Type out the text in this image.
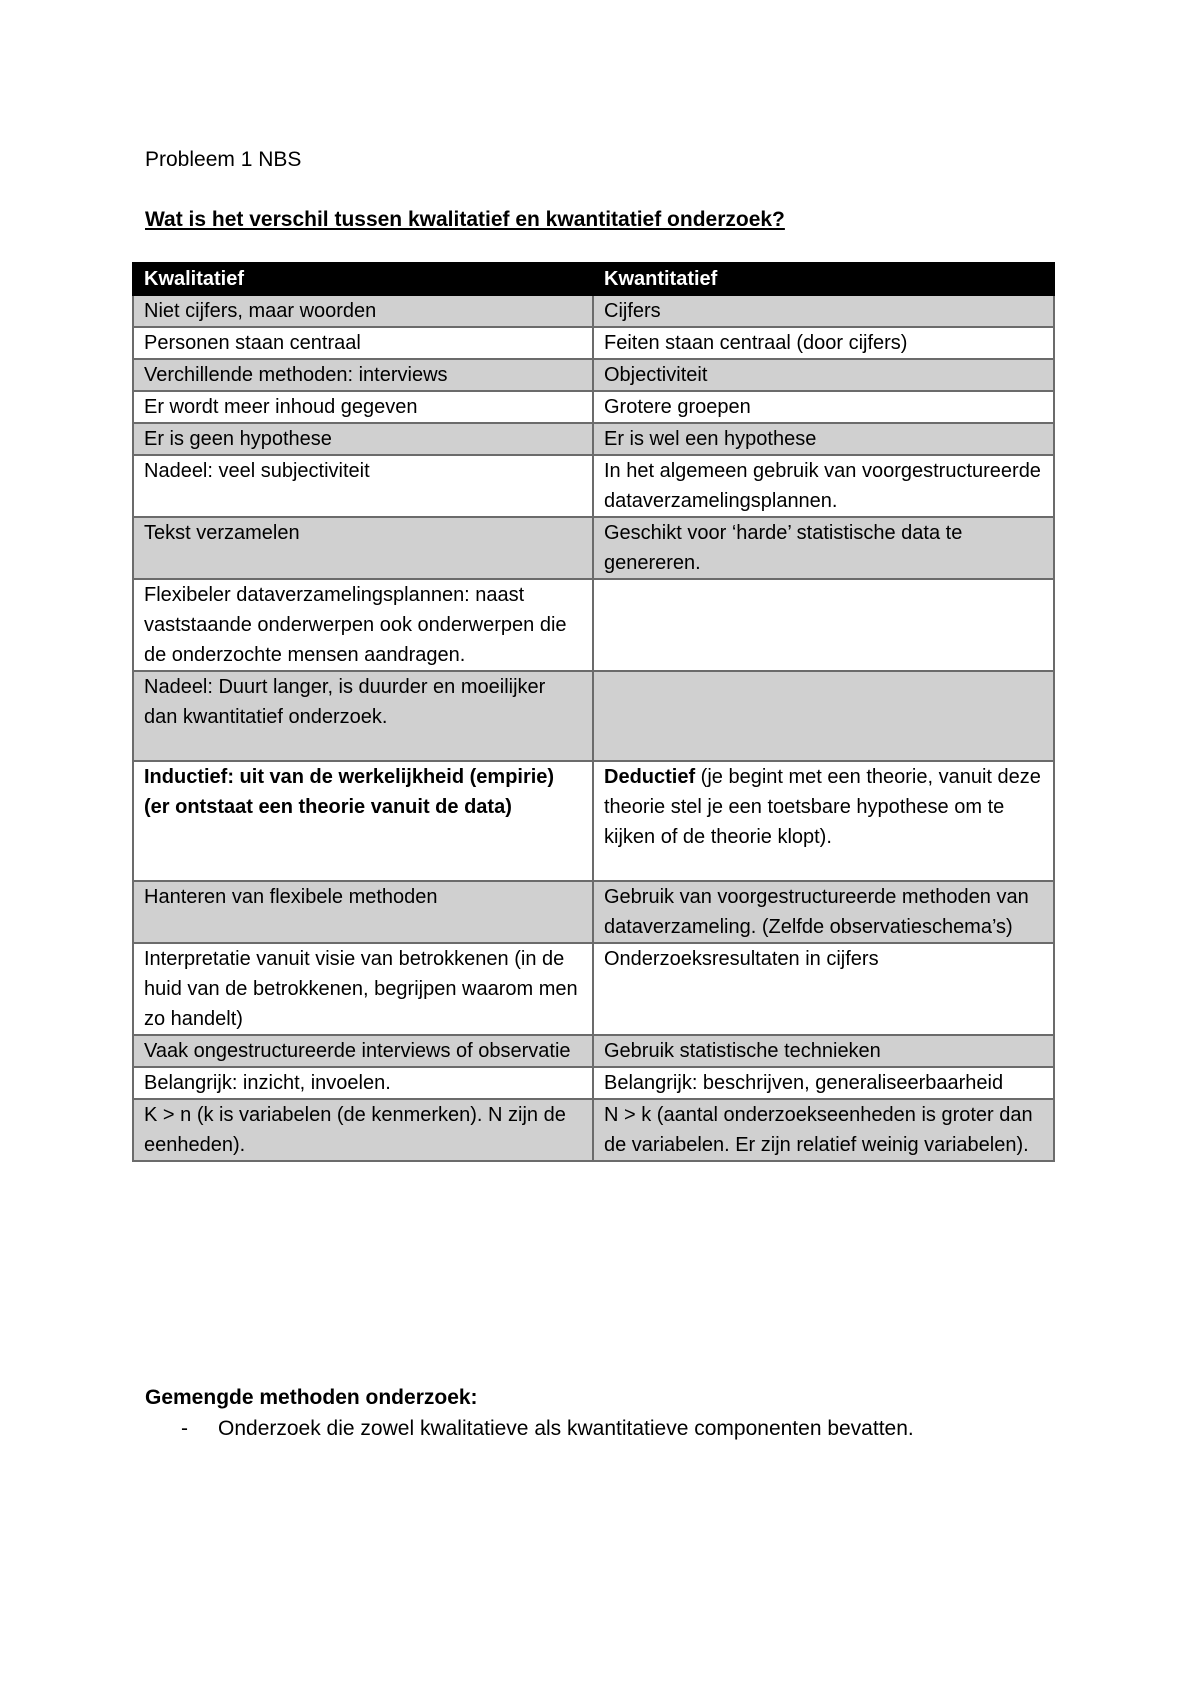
Probleem 1 NBS
Wat is het verschil tussen kwalitatief en kwantitatief onderzoek?
Kwalitatief	Kwantitatief
Niet cijfers, maar woorden	Cijfers
Personen staan centraal	Feiten staan centraal (door cijfers)
Verchillende methoden: interviews	Objectiviteit
Er wordt meer inhoud gegeven	Grotere groepen
Er is geen hypothese	Er is wel een hypothese
Nadeel: veel subjectiviteit	In het algemeen gebruik van voorgestructureerde dataverzamelingsplannen.
Tekst verzamelen	Geschikt voor ‘harde’ statistische data te genereren.
Flexibeler dataverzamelingsplannen: naast vaststaande onderwerpen ook onderwerpen die de onderzochte mensen aandragen.	
Nadeel: Duurt langer, is duurder en moeilijker dan kwantitatief onderzoek.	
Inductief: uit van de werkelijkheid (empirie) (er ontstaat een theorie vanuit de data)	Deductief (je begint met een theorie, vanuit deze theorie stel je een toetsbare hypothese om te kijken of de theorie klopt).
Hanteren van flexibele methoden	Gebruik van voorgestructureerde methoden van dataverzameling. (Zelfde observatieschema’s)
Interpretatie vanuit visie van betrokkenen (in de huid van de betrokkenen, begrijpen waarom men zo handelt)	Onderzoeksresultaten in cijfers
Vaak ongestructureerde interviews of observatie	Gebruik statistische technieken
Belangrijk: inzicht, invoelen.	Belangrijk: beschrijven, generaliseerbaarheid
K > n (k is variabelen (de kenmerken). N zijn de eenheden).	N > k (aantal onderzoekseenheden is groter dan de variabelen. Er zijn relatief weinig variabelen).
Gemengde methoden onderzoek:
- Onderzoek die zowel kwalitatieve als kwantitatieve componenten bevatten.
